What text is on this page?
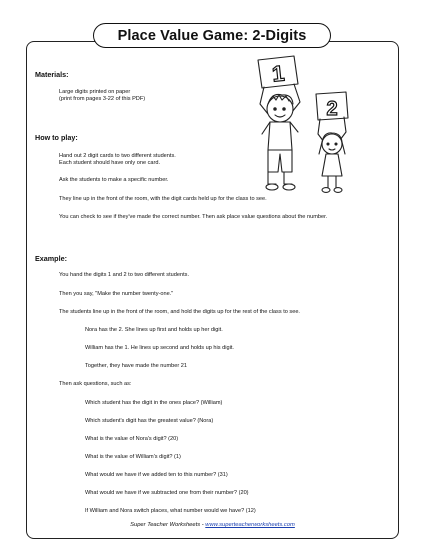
Place Value Game: 2-Digits
Materials:
Large digits printed on paper
(print from pages 3-22 of this PDF)
How to play:
Hand out 2 digit cards to two different students.
Each student should have only one card.
Ask the students to make a specific number.
They line up in the front of the room, with the digit cards held up for the class to see.
You can check to see if they've made the correct number. Then ask place value questions about the number.
1
2
Example:
You hand the digits 1 and 2 to two different students.
Then you say, "Make the number twenty-one."
The students line up in the front of the room, and hold the digits up for the rest of the class to see.
Nora has the 2. She lines up first and holds up her digit.
William has the 1. He lines up second and holds up his digit.
Together, they have made the number 21
Then ask questions, such as:
Which student has the digit in the ones place? (William)
Which student's digit has the greatest value? (Nora)
What is the value of Nora's digit? (20)
What is the value of William's digit? (1)
What would we have if we added ten to this number? (31)
What would we have if we subtracted one from their number? (20)
If William and Nora switch places, what number would we have? (12)
Super Teacher Worksheets - www.superteacherworksheets.com
